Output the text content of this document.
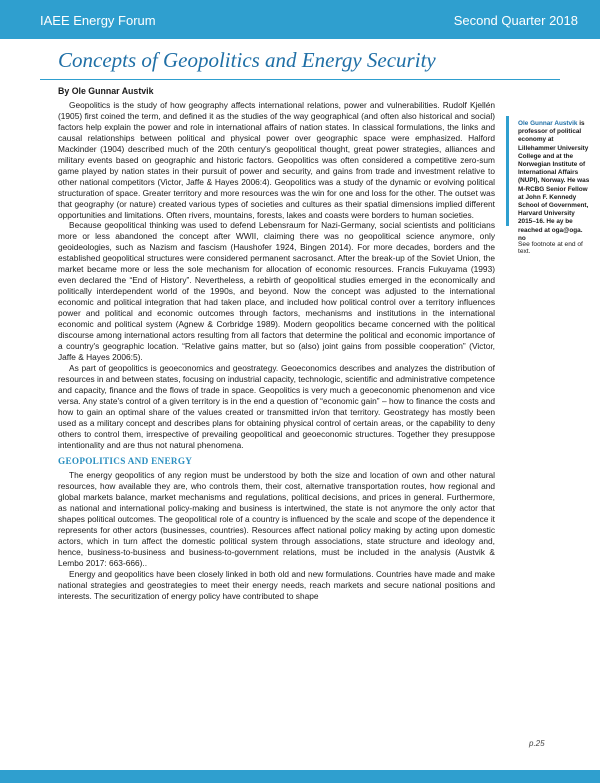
IAEE Energy Forum	Second Quarter 2018
Concepts of Geopolitics and Energy Security
By Ole Gunnar Austvik

Geopolitics is the study of how geography affects international relations, power and vulnerabilities. Rudolf Kjellén (1905) first coined the term, and defined it as the studies of the way geographical (and often also historical and social) factors help explain the power and role in international affairs of nation states. In classical formulations, the links and causal relationships between political and physical power over geographic space were emphasized. Halford Mackinder (1904) described much of the 20th century's geopolitical thought, great power strategies, alliances and military events based on geographic and historic factors. Geopolitics was often considered a competitive zero-sum game played by nation states in their pursuit of power and security, and gains from trade and investment relative to other national competitors (Victor, Jaffe & Hayes 2006:4). Geopolitics was a study of the dynamic or evolving political structuration of space. Greater territory and more resources was the win for one and loss for the other. The outset was that geography (or nature) created various types of societies and cultures as their spatial dimensions implied different opportunities and limitations. Often rivers, mountains, forests, lakes and coasts were borders to human societies.

Because geopolitical thinking was used to defend Lebensraum for Nazi-Germany, social scientists and politicians more or less abandoned the concept after WWII, claiming there was no geopolitical science anymore, only geoideologies, such as Nazism and fascism (Haushofer 1924, Bingen 2014). For more decades, borders and the established geopolitical structures were considered permanent sacrosanct. After the break-up of the Soviet Union, the market became more or less the sole mechanism for allocation of economic resources. Francis Fukuyama (1993) even declared the “End of History”. Nevertheless, a rebirth of geopolitical studies emerged in the economically and politically interdependent world of the 1990s, and beyond. Now the concept was adjusted to the international economic and political integration that had taken place, and included how political control over a territory influences power and political and economic outcomes through factors, mechanisms and institutions in the international economic and political system (Agnew & Corbridge 1989). Modern geopolitics became concerned with the political discourse among international actors resulting from all factors that determine the political and economic importance of a country's geographic location. “Relative gains matter, but so (also) joint gains from possible cooperation” (Victor, Jaffe & Hayes 2006:5).

As part of geopolitics is geoeconomics and geostrategy. Geoeconomics describes and analyzes the distribution of resources in and between states, focusing on industrial capacity, technologic, scientific and administrative competence and capacity, finance and the flows of trade in space. Geopolitics is very much a geoeconomic phenomenon and vice versa. Any state's control of a given territory is in the end a question of “economic gain” – how to finance the costs and how to gain an optimal share of the values created or transmitted in/on that territory. Geostrategy has mostly been used as a military concept and describes plans for obtaining physical control of certain areas, or the capability to deny others to control them, irrespective of prevailing geopolitical and geoeconomic structures. Together they presuppose intentionality and are thus not natural phenomena.

GEOPOLITICS AND ENERGY

The energy geopolitics of any region must be understood by both the size and location of own and other natural resources, how available they are, who controls them, their cost, alternative transportation routes, how regional and global markets balance, market mechanisms and regulations, political decisions, and prices in general. Furthermore, as national and international policy-making and business is intertwined, the state is not anymore the only actor that shapes political outcomes. The geopolitical role of a country is influenced by the scale and scope of the dependence it represents for other actors (businesses, countries). Resources affect national policy making by acting upon domestic actors, which in turn affect the domestic political system through associations, state structure and ideology and, hence, business-to-business and business-to-government relations, must be included in the analysis (Austvik & Lembo 2017: 663-666)..

Energy and geopolitics have been closely linked in both old and new formulations. Countries have made and make national strategies and geostrategies to meet their energy needs, reach markets and secure national positions and interests. The securitization of energy policy have contributed to shape

Ole Gunnar Austvik is professor of political economy at Lillehammer University College and at the Norwegian Institute of International Affairs (NUPI), Norway. He was M-RCBG Senior Fellow at John F. Kennedy School of Government, Harvard University 2015–16. He ay be reached at oga@oga. no
See footnote at end of text.
p.25
